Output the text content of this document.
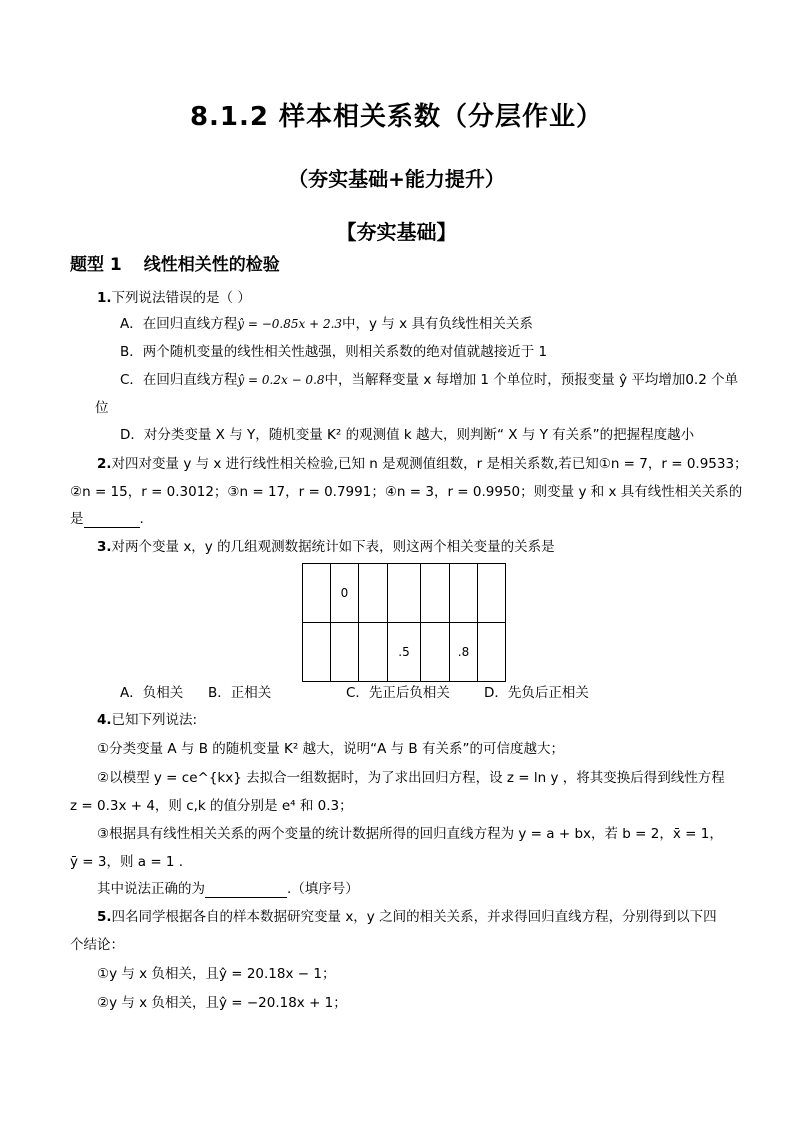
8.1.2 样本相关系数（分层作业）
（夯实基础+能力提升）
【夯实基础】
题型 1 线性相关性的检验
1.下列说法错误的是（ ）
A．在回归直线方程ŷ = −0.85x + 2.3中，y 与 x 具有负线性相关关系
B．两个随机变量的线性相关性越强，则相关系数的绝对值就越接近于 1
C．在回归直线方程ŷ = 0.2x − 0.8中，当解释变量 x 每增加 1 个单位时，预报变量 ŷ 平均增加0.2 个单
位
D．对分类变量 X 与 Y，随机变量 K² 的观测值 k 越大，则判断“ X 与 Y 有关系”的把握程度越小
2.对四对变量 y 与 x 进行线性相关检验,已知 n 是观测值组数，r 是相关系数,若已知①n = 7，r = 0.9533；
②n = 15，r = 0.3012；③n = 17，r = 0.7991；④n = 3，r = 0.9950；则变量 y 和 x 具有线性相关关系的
是	.
3.对两个变量 x，y 的几组观测数据统计如下表，则这两个相关变量的关系是
	0					
			.5		.8	
A．负相关 B．正相关	C．先正后负相关	D．先负后正相关
4.已知下列说法:
①分类变量 A 与 B 的随机变量 K² 越大，说明“A 与 B 有关系”的可信度越大；
②以模型 y = ce^{kx} 去拟合一组数据时，为了求出回归方程，设 z = ln y ，将其变换后得到线性方程
z = 0.3x + 4，则 c,k 的值分别是 e⁴ 和 0.3；
③根据具有线性相关关系的两个变量的统计数据所得的回归直线方程为 y = a + bx，若 b = 2，x̄ = 1，
ȳ = 3，则 a = 1 .
其中说法正确的为	.（填序号）
5.四名同学根据各自的样本数据研究变量 x，y 之间的相关关系，并求得回归直线方程，分别得到以下四
个结论：
①y 与 x 负相关，且ŷ = 20.18x − 1；
②y 与 x 负相关，且ŷ = −20.18x + 1；
